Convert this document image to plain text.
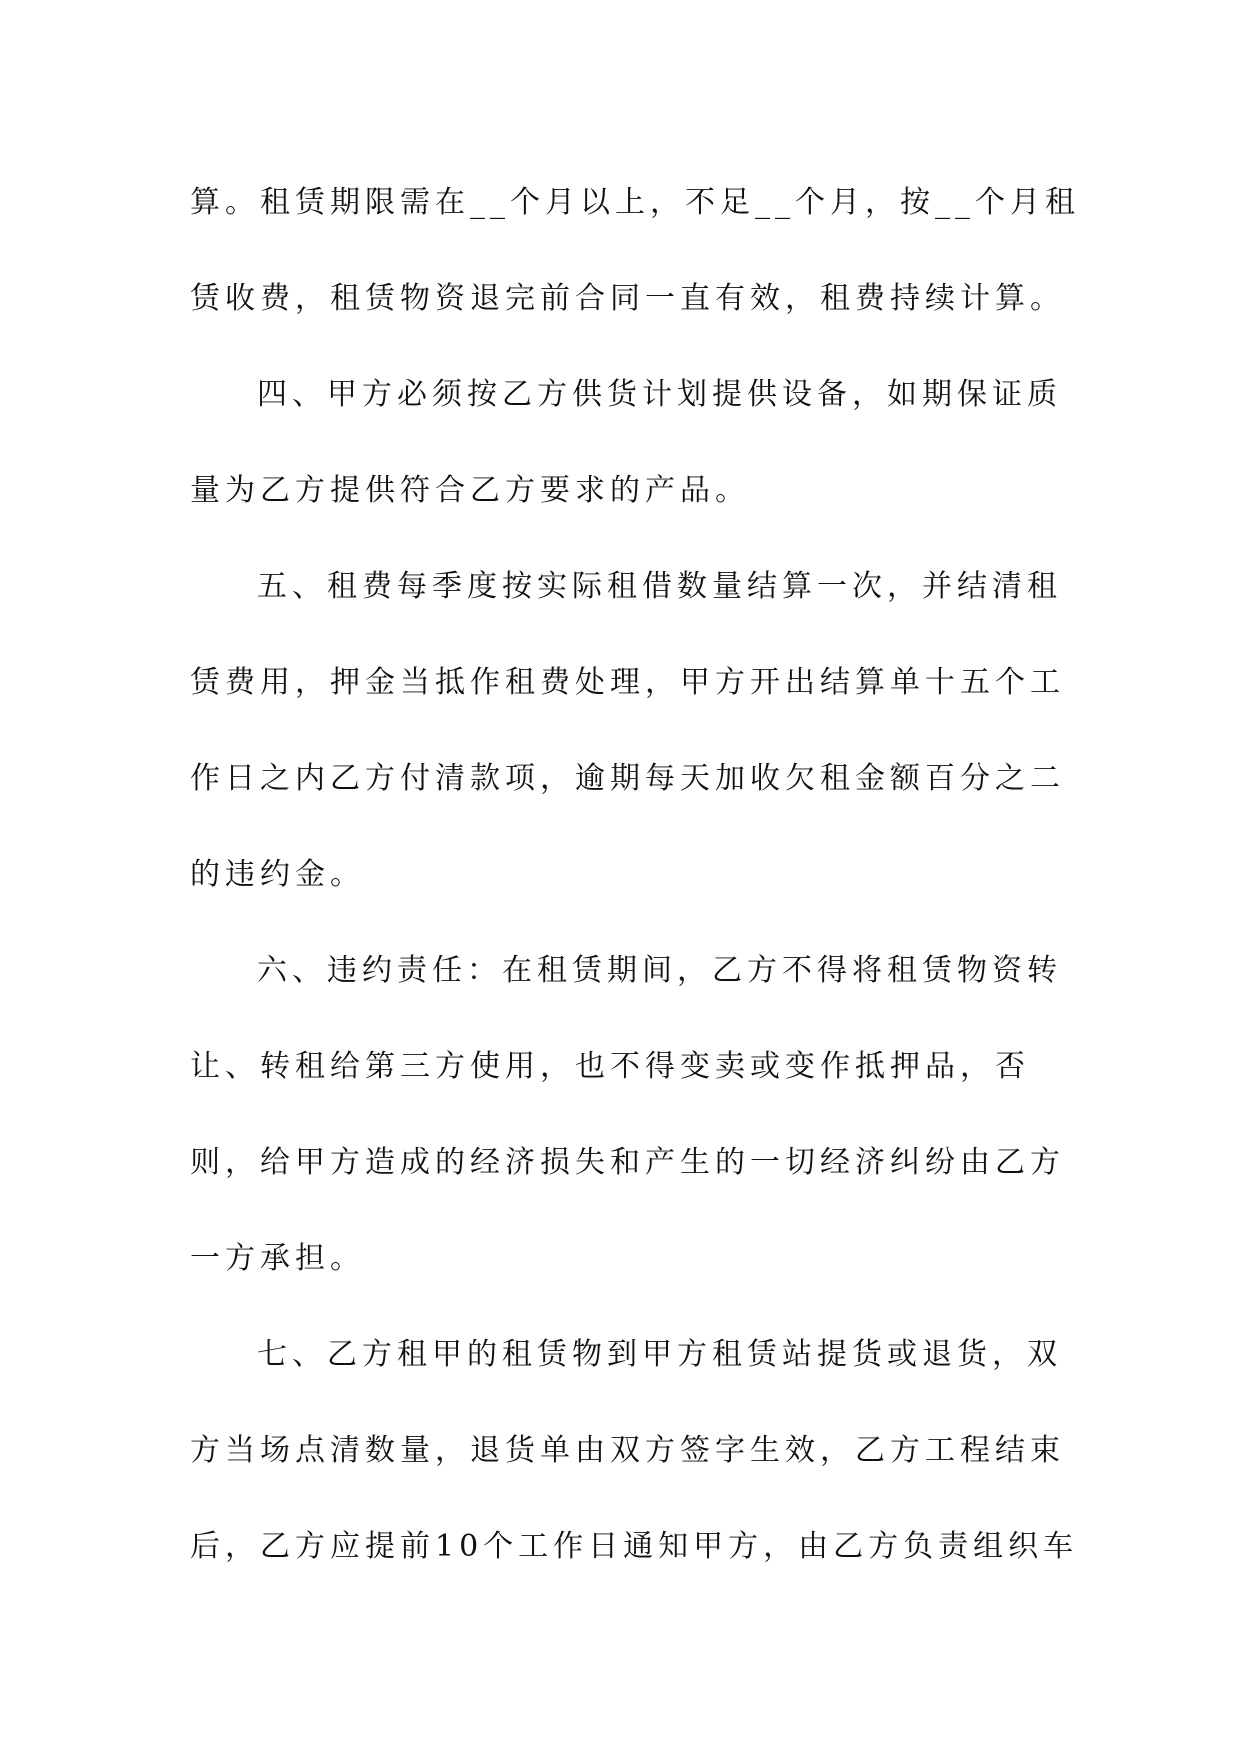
算。租赁期限需在__个月以上，不足__个月，按__个月租
赁收费，租赁物资退完前合同一直有效，租费持续计算。
四、甲方必须按乙方供货计划提供设备，如期保证质
量为乙方提供符合乙方要求的产品。
五、租费每季度按实际租借数量结算一次，并结清租
赁费用，押金当抵作租费处理，甲方开出结算单十五个工
作日之内乙方付清款项，逾期每天加收欠租金额百分之二
的违约金。
六、违约责任：在租赁期间，乙方不得将租赁物资转
让、转租给第三方使用，也不得变卖或变作抵押品，否
则，给甲方造成的经济损失和产生的一切经济纠纷由乙方
一方承担。
七、乙方租甲的租赁物到甲方租赁站提货或退货，双
方当场点清数量，退货单由双方签字生效，乙方工程结束
后，乙方应提前10个工作日通知甲方，由乙方负责组织车
